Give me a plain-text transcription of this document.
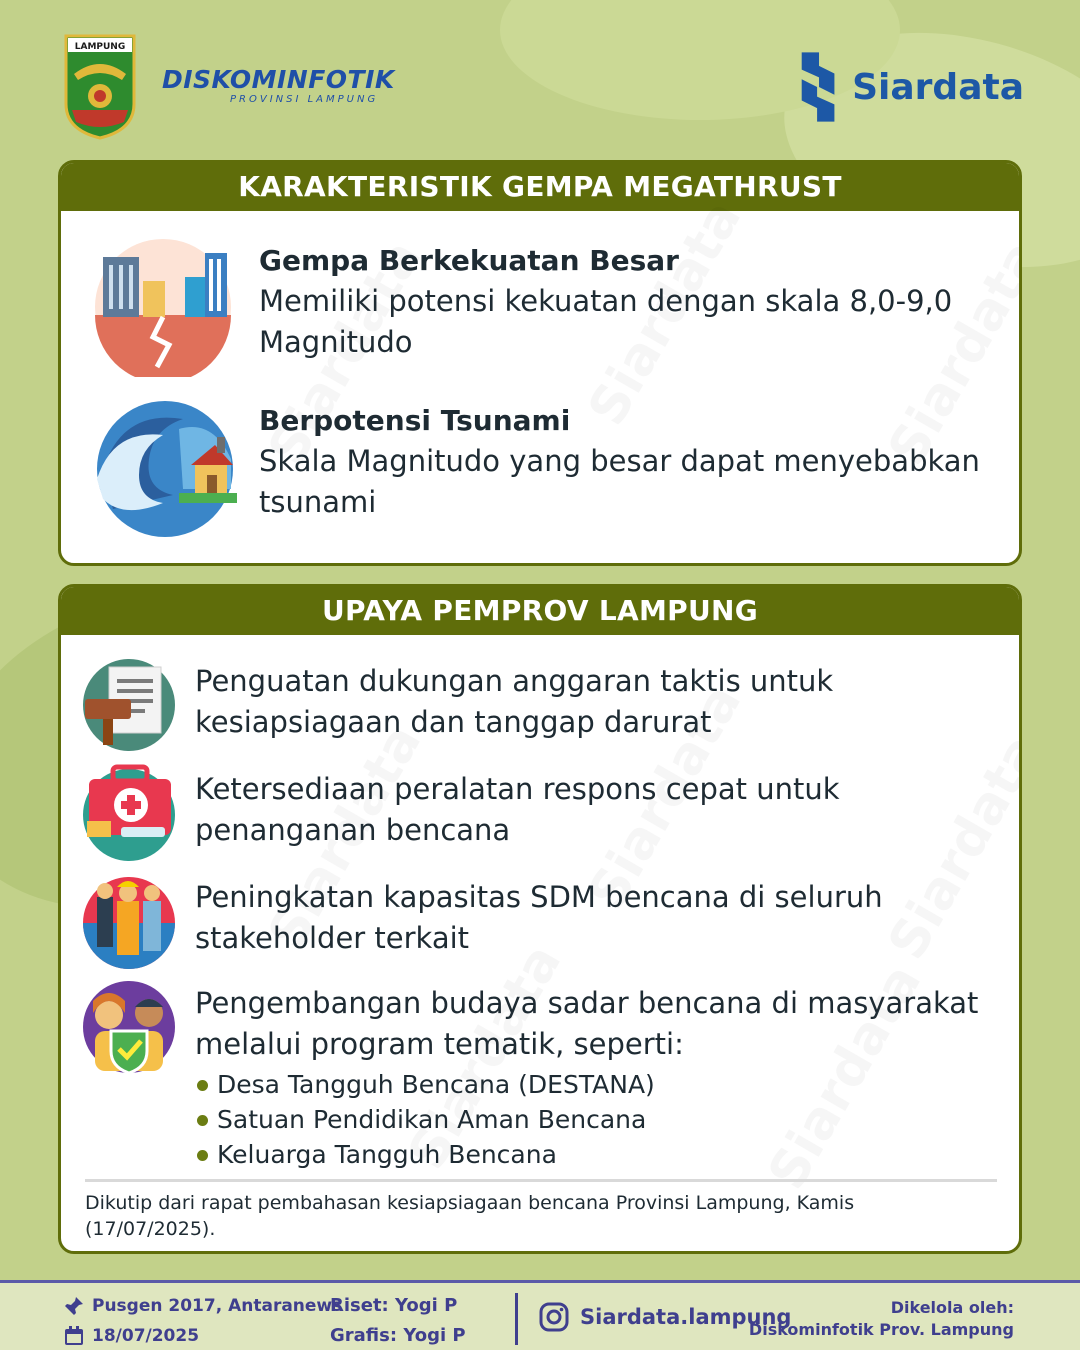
LAMPUNG
DISKOMINFOTIK
PROVINSI LAMPUNG	Siardata
KARAKTERISTIK GEMPA MEGATHRUST
Gempa Berkekuatan Besar
Memiliki potensi kekuatan dengan skala 8,0-9,0 Magnitudo
Berpotensi Tsunami
Skala Magnitudo yang besar dapat menyebabkan tsunami
UPAYA PEMPROV LAMPUNG
Penguatan dukungan anggaran taktis untuk kesiapsiagaan dan tanggap darurat
Ketersediaan peralatan respons cepat untuk penanganan bencana
Peningkatan kapasitas SDM bencana di seluruh stakeholder terkait
Pengembangan budaya sadar bencana di masyarakat melalui program tematik, seperti:
Desa Tangguh Bencana (DESTANA)
Satuan Pendidikan Aman Bencana
Keluarga Tangguh Bencana
Dikutip dari rapat pembahasan kesiapsiagaan bencana Provinsi Lampung, Kamis (17/07/2025).
Pusgen 2017, Antaranews
18/07/2025
Riset: Yogi P
Grafis: Yogi P
Siardata.lampung	Dikelola oleh:
Diskominfotik Prov. Lampung
